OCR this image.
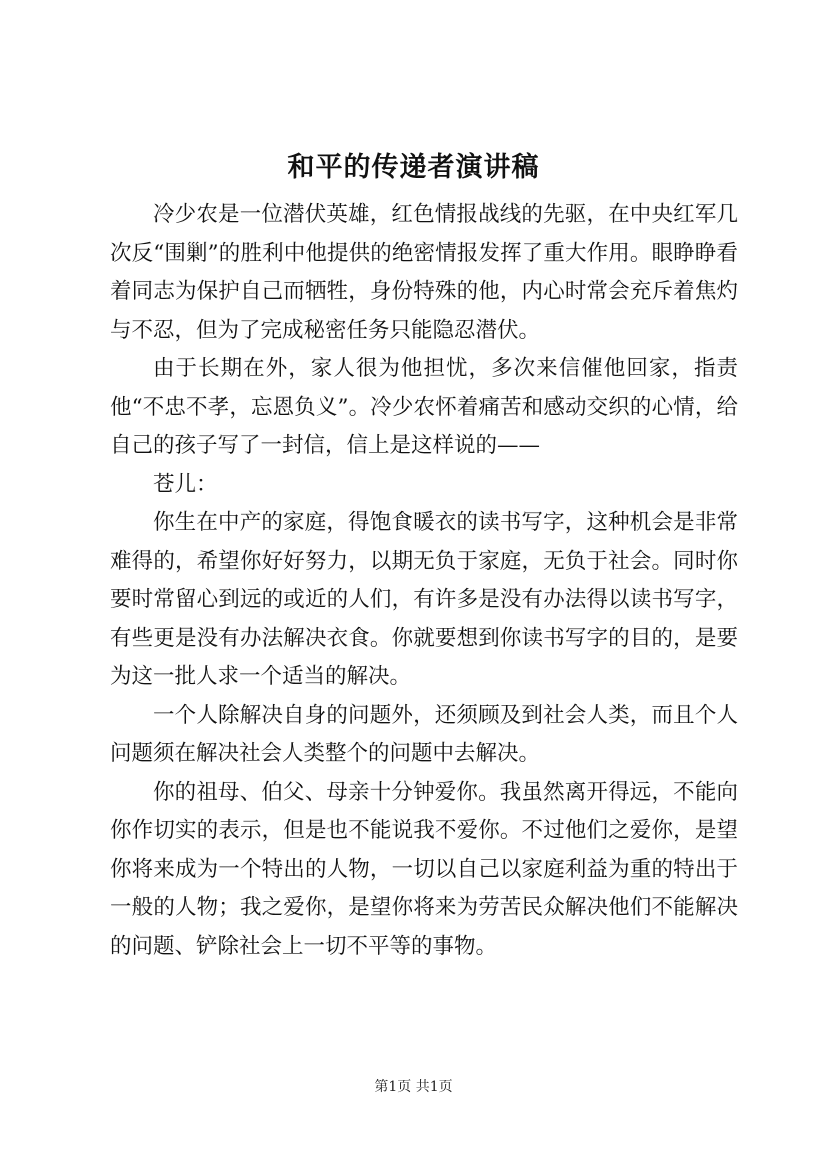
和平的传递者演讲稿

冷少农是一位潜伏英雄，红色情报战线的先驱，在中央红军几次反“围剿”的胜利中他提供的绝密情报发挥了重大作用。眼睁睁看着同志为保护自己而牺牲，身份特殊的他，内心时常会充斥着焦灼与不忍，但为了完成秘密任务只能隐忍潜伏。

由于长期在外，家人很为他担忧，多次来信催他回家，指责他“不忠不孝，忘恩负义”。冷少农怀着痛苦和感动交织的心情，给自己的孩子写了一封信，信上是这样说的——

苍儿：

你生在中产的家庭，得饱食暖衣的读书写字，这种机会是非常难得的，希望你好好努力，以期无负于家庭，无负于社会。同时你要时常留心到远的或近的人们，有许多是没有办法得以读书写字，有些更是没有办法解决衣食。你就要想到你读书写字的目的，是要为这一批人求一个适当的解决。

一个人除解决自身的问题外，还须顾及到社会人类，而且个人问题须在解决社会人类整个的问题中去解决。

你的祖母、伯父、母亲十分钟爱你。我虽然离开得远，不能向你作切实的表示，但是也不能说我不爱你。不过他们之爱你，是望你将来成为一个特出的人物，一切以自己以家庭利益为重的特出于一般的人物；我之爱你，是望你将来为劳苦民众解决他们不能解决的问题、铲除社会上一切不平等的事物。

第1页 共1页
